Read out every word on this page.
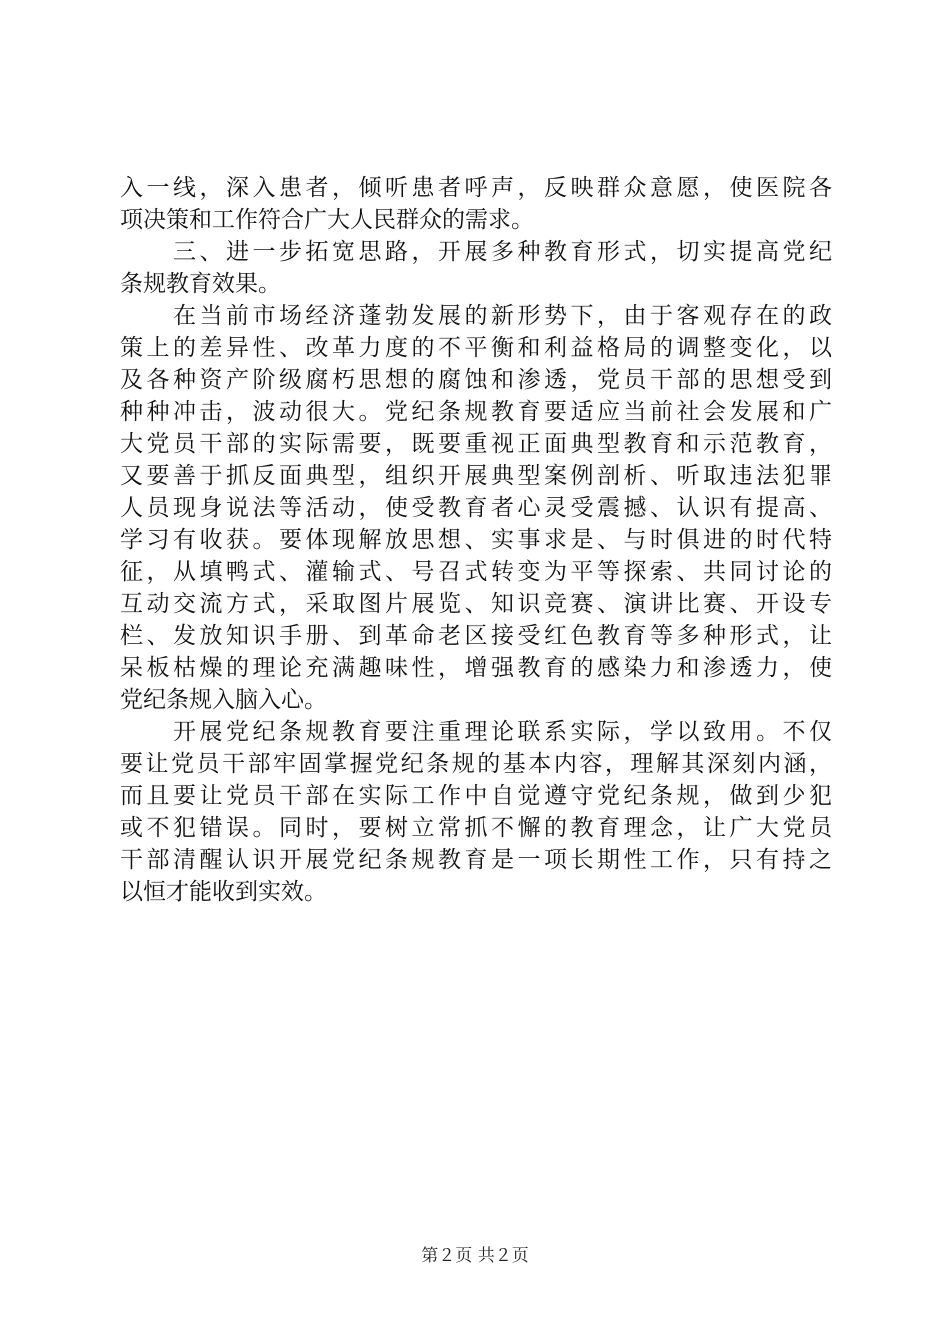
入一线，深入患者，倾听患者呼声，反映群众意愿，使医院各
项决策和工作符合广大人民群众的需求。
　　三、进一步拓宽思路，开展多种教育形式，切实提高党纪
条规教育效果。
　　在当前市场经济蓬勃发展的新形势下，由于客观存在的政
策上的差异性、改革力度的不平衡和利益格局的调整变化，以
及各种资产阶级腐朽思想的腐蚀和渗透，党员干部的思想受到
种种冲击，波动很大。党纪条规教育要适应当前社会发展和广
大党员干部的实际需要，既要重视正面典型教育和示范教育，
又要善于抓反面典型，组织开展典型案例剖析、听取违法犯罪
人员现身说法等活动，使受教育者心灵受震撼、认识有提高、
学习有收获。要体现解放思想、实事求是、与时俱进的时代特
征，从填鸭式、灌输式、号召式转变为平等探索、共同讨论的
互动交流方式，采取图片展览、知识竞赛、演讲比赛、开设专
栏、发放知识手册、到革命老区接受红色教育等多种形式，让
呆板枯燥的理论充满趣味性，增强教育的感染力和渗透力，使
党纪条规入脑入心。
　　开展党纪条规教育要注重理论联系实际，学以致用。不仅
要让党员干部牢固掌握党纪条规的基本内容，理解其深刻内涵，
而且要让党员干部在实际工作中自觉遵守党纪条规，做到少犯
或不犯错误。同时，要树立常抓不懈的教育理念，让广大党员
干部清醒认识开展党纪条规教育是一项长期性工作，只有持之
以恒才能收到实效。
第２页 共２页
